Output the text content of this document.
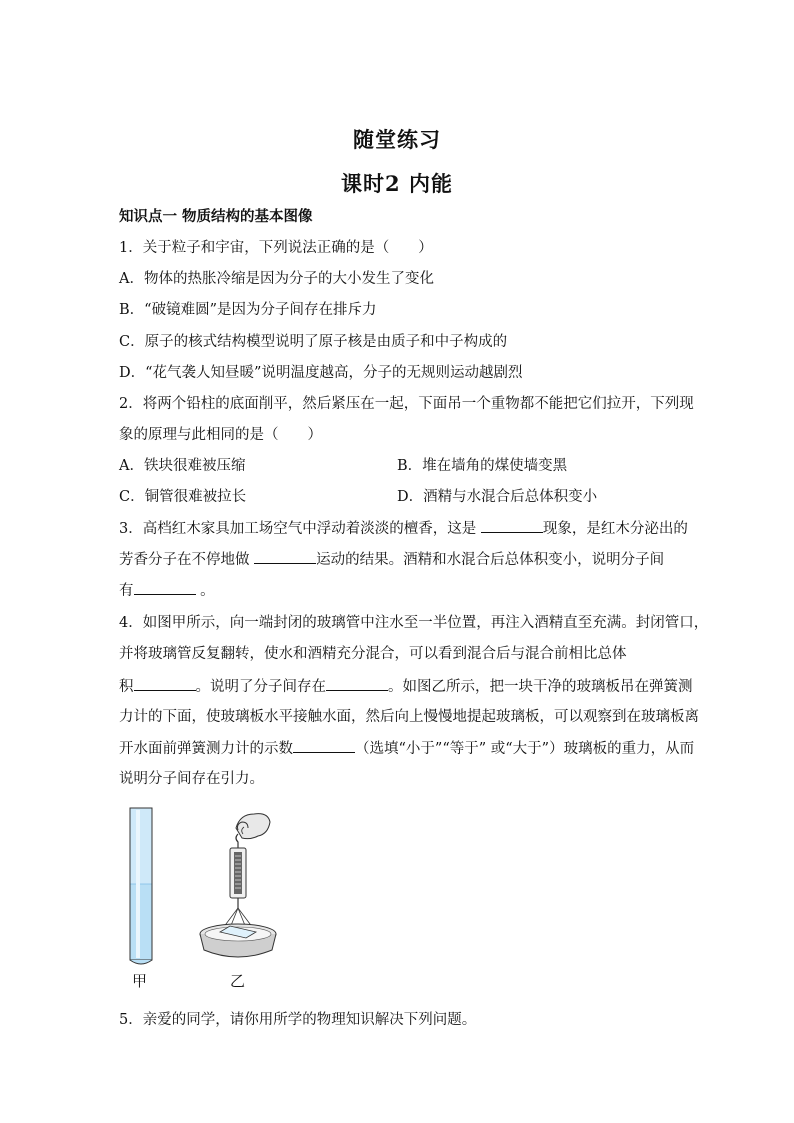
随堂练习
课时2 内能
知识点一 物质结构的基本图像
1．关于粒子和宇宙，下列说法正确的是（　　）
A．物体的热胀冷缩是因为分子的大小发生了变化
B．“破镜难圆”是因为分子间存在排斥力
C．原子的核式结构模型说明了原子核是由质子和中子构成的
D．“花气袭人知昼暖”说明温度越高，分子的无规则运动越剧烈
2．将两个铅柱的底面削平，然后紧压在一起，下面吊一个重物都不能把它们拉开，下列现
象的原理与此相同的是（　　）
A．铁块很难被压缩	B．堆在墙角的煤使墙变黑
C．铜管很难被拉长	D．酒精与水混合后总体积变小
3．高档红木家具加工场空气中浮动着淡淡的檀香，这是	现象，是红木分泌出的
芳香分子在不停地做	运动的结果。酒精和水混合后总体积变小，说明分子间
有	。
4．如图甲所示，向一端封闭的玻璃管中注水至一半位置，再注入酒精直至充满。封闭管口，
并将玻璃管反复翻转，使水和酒精充分混合，可以看到混合后与混合前相比总体
积	。说明了分子间存在	。如图乙所示，把一块干净的玻璃板吊在弹簧测
力计的下面，使玻璃板水平接触水面，然后向上慢慢地提起玻璃板，可以观察到在玻璃板离
开水面前弹簧测力计的示数	（选填“小于”“等于” 或“大于”）玻璃板的重力，从而
说明分子间存在引力。
甲	乙
5．亲爱的同学，请你用所学的物理知识解决下列问题。
